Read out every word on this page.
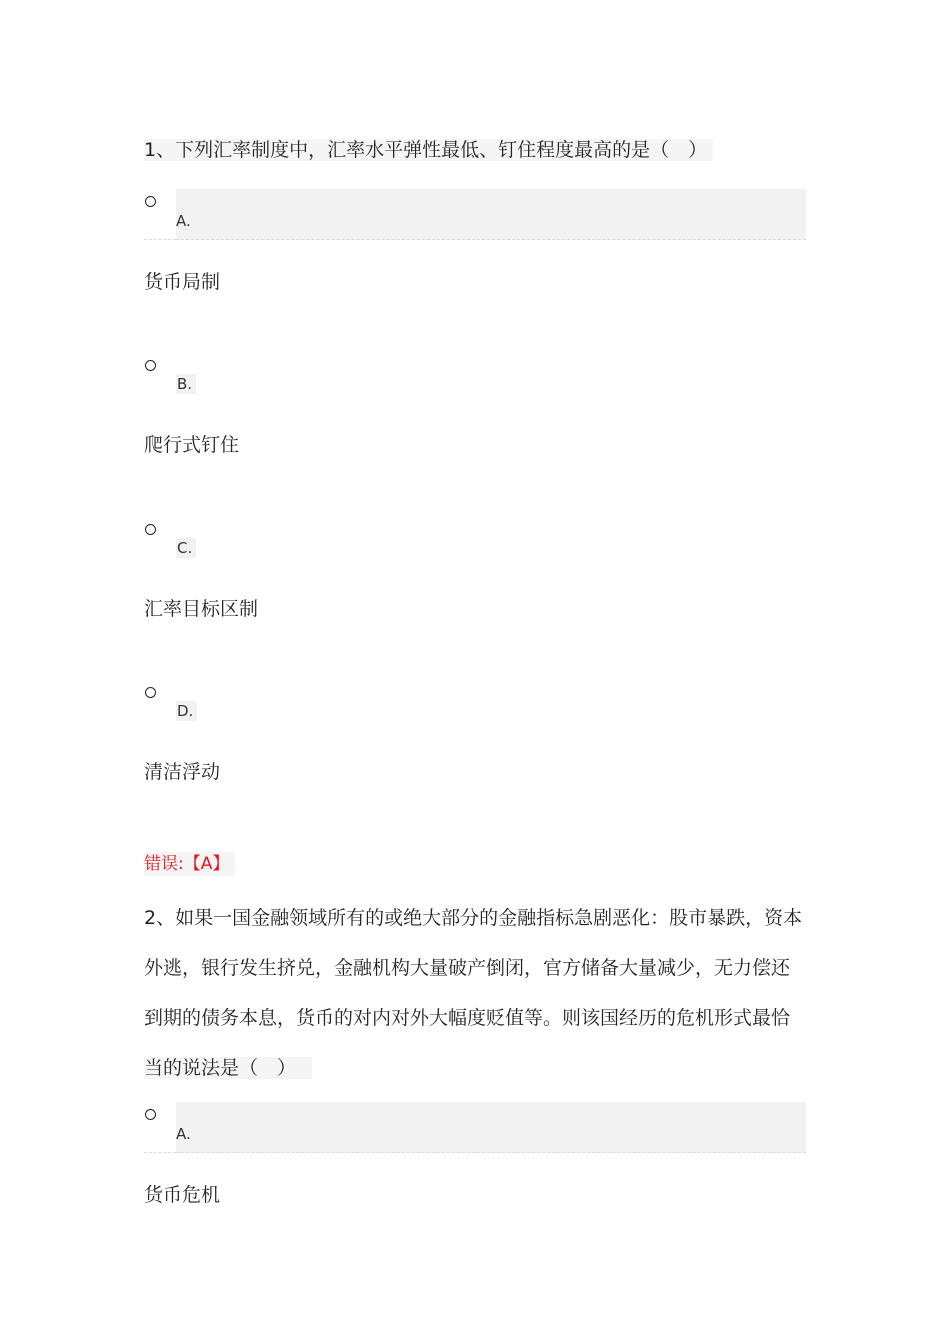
1、下列汇率制度中，汇率水平弹性最低、钉住程度最高的是（　）
A.
货币局制
B.
爬行式钉住
C.
汇率目标区制
D.
清洁浮动
错误:【A】
2、如果一国金融领域所有的或绝大部分的金融指标急剧恶化：股市暴跌，资本
外逃，银行发生挤兑，金融机构大量破产倒闭，官方储备大量减少，无力偿还
到期的债务本息，货币的对内对外大幅度贬值等。则该国经历的危机形式最恰
当的说法是（　）
A.
货币危机
